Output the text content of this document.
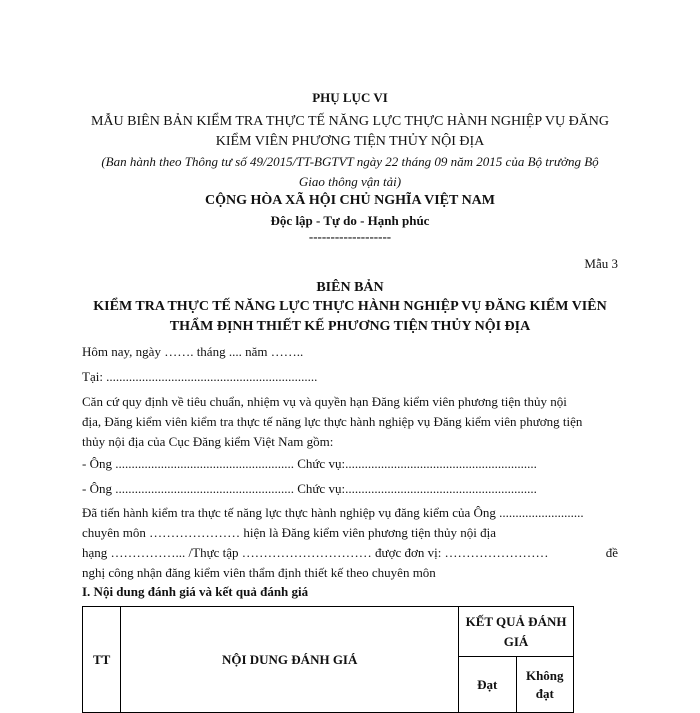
PHỤ LỤC VI
MẪU BIÊN BẢN KIỂM TRA THỰC TẾ NĂNG LỰC THỰC HÀNH NGHIỆP VỤ ĐĂNG
KIỂM VIÊN PHƯƠNG TIỆN THỦY NỘI ĐỊA
(Ban hành theo Thông tư số 49/2015/TT-BGTVT ngày 22 tháng 09 năm 2015 của Bộ trưởng Bộ
Giao thông vận tải)
CỘNG HÒA XÃ HỘI CHỦ NGHĨA VIỆT NAM
Độc lập - Tự do - Hạnh phúc
-------------------
Mẫu 3
BIÊN BẢN
KIỂM TRA THỰC TẾ NĂNG LỰC THỰC HÀNH NGHIỆP VỤ ĐĂNG KIỂM VIÊN
THẨM ĐỊNH THIẾT KẾ PHƯƠNG TIỆN THỦY NỘI ĐỊA
Hôm nay, ngày ……. tháng .... năm ……..
Tại: .................................................................
Căn cứ quy định về tiêu chuẩn, nhiệm vụ và quyền hạn Đăng kiểm viên phương tiện thủy nội
địa, Đăng kiểm viên kiểm tra thực tế năng lực thực hành nghiệp vụ Đăng kiểm viên phương tiện
thủy nội địa của Cục Đăng kiểm Việt Nam gồm:
- Ông ....................................................... Chức vụ:...........................................................
- Ông ....................................................... Chức vụ:...........................................................
Đã tiến hành kiểm tra thực tế năng lực thực hành nghiệp vụ đăng kiểm của Ông ..........................
chuyên môn ………………… hiện là Đăng kiểm viên phương tiện thủy nội địa
hạng ……………... /Thực tập ………………………… được đơn vị: ……………………	đề
nghị công nhận đăng kiểm viên thẩm định thiết kế theo chuyên môn
I. Nội dung đánh giá và kết quả đánh giá
TT	NỘI DUNG ĐÁNH GIÁ	KẾT QUẢ ĐÁNH GIÁ	
		Đạt	Không đạt
